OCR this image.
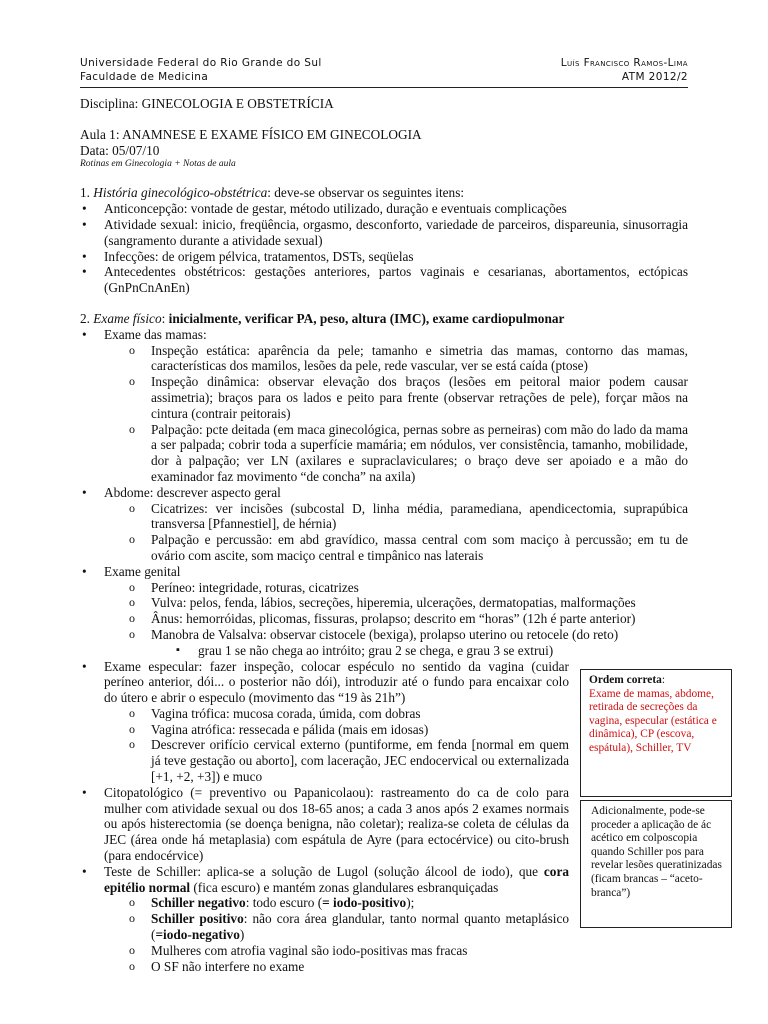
Universidade Federal do Rio Grande do Sul	Luís Francisco Ramos-Lima
Faculdade de Medicina	ATM 2012/2

Disciplina: GINECOLOGIA E OBSTETRÍCIA

Aula 1: ANAMNESE E EXAME FÍSICO EM GINECOLOGIA

Data: 05/07/10

Rotinas em Ginecologia + Notas de aula

1. História ginecológico-obstétrica: deve-se observar os seguintes itens:

• Anticoncepção: vontade de gestar, método utilizado, duração e eventuais complicações
• Atividade sexual: inicio, freqüência, orgasmo, desconforto, variedade de parceiros, dispareunia, sinusorragia (sangramento durante a atividade sexual)
• Infecções: de origem pélvica, tratamentos, DSTs, seqüelas
• Antecedentes obstétricos: gestações anteriores, partos vaginais e cesarianas, abortamentos, ectópicas (GnPnCnAnEn)

2. Exame físico: inicialmente, verificar PA, peso, altura (IMC), exame cardiopulmonar

• Exame das mamas:
o Inspeção estática: aparência da pele; tamanho e simetria das mamas, contorno das mamas, características dos mamilos, lesões da pele, rede vascular, ver se está caída (ptose)
o Inspeção dinâmica: observar elevação dos braços (lesões em peitoral maior podem causar assimetria); braços para os lados e peito para frente (observar retrações de pele), forçar mãos na cintura (contrair peitorais)
o Palpação: pcte deitada (em maca ginecológica, pernas sobre as perneiras) com mão do lado da mama a ser palpada; cobrir toda a superfície mamária; em nódulos, ver consistência, tamanho, mobilidade, dor à palpação; ver LN (axilares e supraclaviculares; o braço deve ser apoiado e a mão do examinador faz movimento “de concha” na axila)
• Abdome: descrever aspecto geral
o Cicatrizes: ver incisões (subcostal D, linha média, paramediana, apendicectomia, suprapúbica transversa [Pfannestiel], de hérnia)
o Palpação e percussão: em abd gravídico, massa central com som maciço à percussão; em tu de ovário com ascite, som maciço central e timpânico nas laterais
• Exame genital
o Períneo: integridade, roturas, cicatrizes
o Vulva: pelos, fenda, lábios, secreções, hiperemia, ulcerações, dermatopatias, malformações
o Ânus: hemorróidas, plicomas, fissuras, prolapso; descrito em “horas” (12h é parte anterior)
o Manobra de Valsalva: observar cistocele (bexiga), prolapso uterino ou retocele (do reto)
▪ grau 1 se não chega ao intróito; grau 2 se chega, e grau 3 se extrui)
• Exame especular: fazer inspeção, colocar espéculo no sentido da vagina (cuidar períneo anterior, dói... o posterior não dói), introduzir até o fundo para encaixar colo do útero e abrir o especulo (movimento das “19 às 21h”)
o Vagina trófica: mucosa corada, úmida, com dobras
o Vagina atrófica: ressecada e pálida (mais em idosas)
o Descrever orifício cervical externo (puntiforme, em fenda [normal em quem já teve gestação ou aborto], com laceração, JEC endocervical ou externalizada [+1, +2, +3]) e muco
• Citopatológico (= preventivo ou Papanicolaou): rastreamento do ca de colo para mulher com atividade sexual ou dos 18-65 anos; a cada 3 anos após 2 exames normais ou após histerectomia (se doença benigna, não coletar); realiza-se coleta de células da JEC (área onde há metaplasia) com espátula de Ayre (para ectocérvice) ou cito-brush (para endocérvice)
• Teste de Schiller: aplica-se a solução de Lugol (solução álcool de iodo), que cora epitélio normal (fica escuro) e mantém zonas glandulares esbranquiçadas
o Schiller negativo: todo escuro (= iodo-positivo);
o Schiller positivo: não cora área glandular, tanto normal quanto metaplásico (=iodo-negativo)
o Mulheres com atrofia vaginal são iodo-positivas mas fracas
o O SF não interfere no exame
Ordem correta:
Exame de mamas, abdome, retirada de secreções da vagina, especular (estática e dinâmica), CP (escova, espátula), Schiller, TV
Adicionalmente, pode-se proceder a aplicação de ác acético em colposcopia quando Schiller pos para revelar lesões queratinizadas (ficam brancas – “aceto-branca”)
